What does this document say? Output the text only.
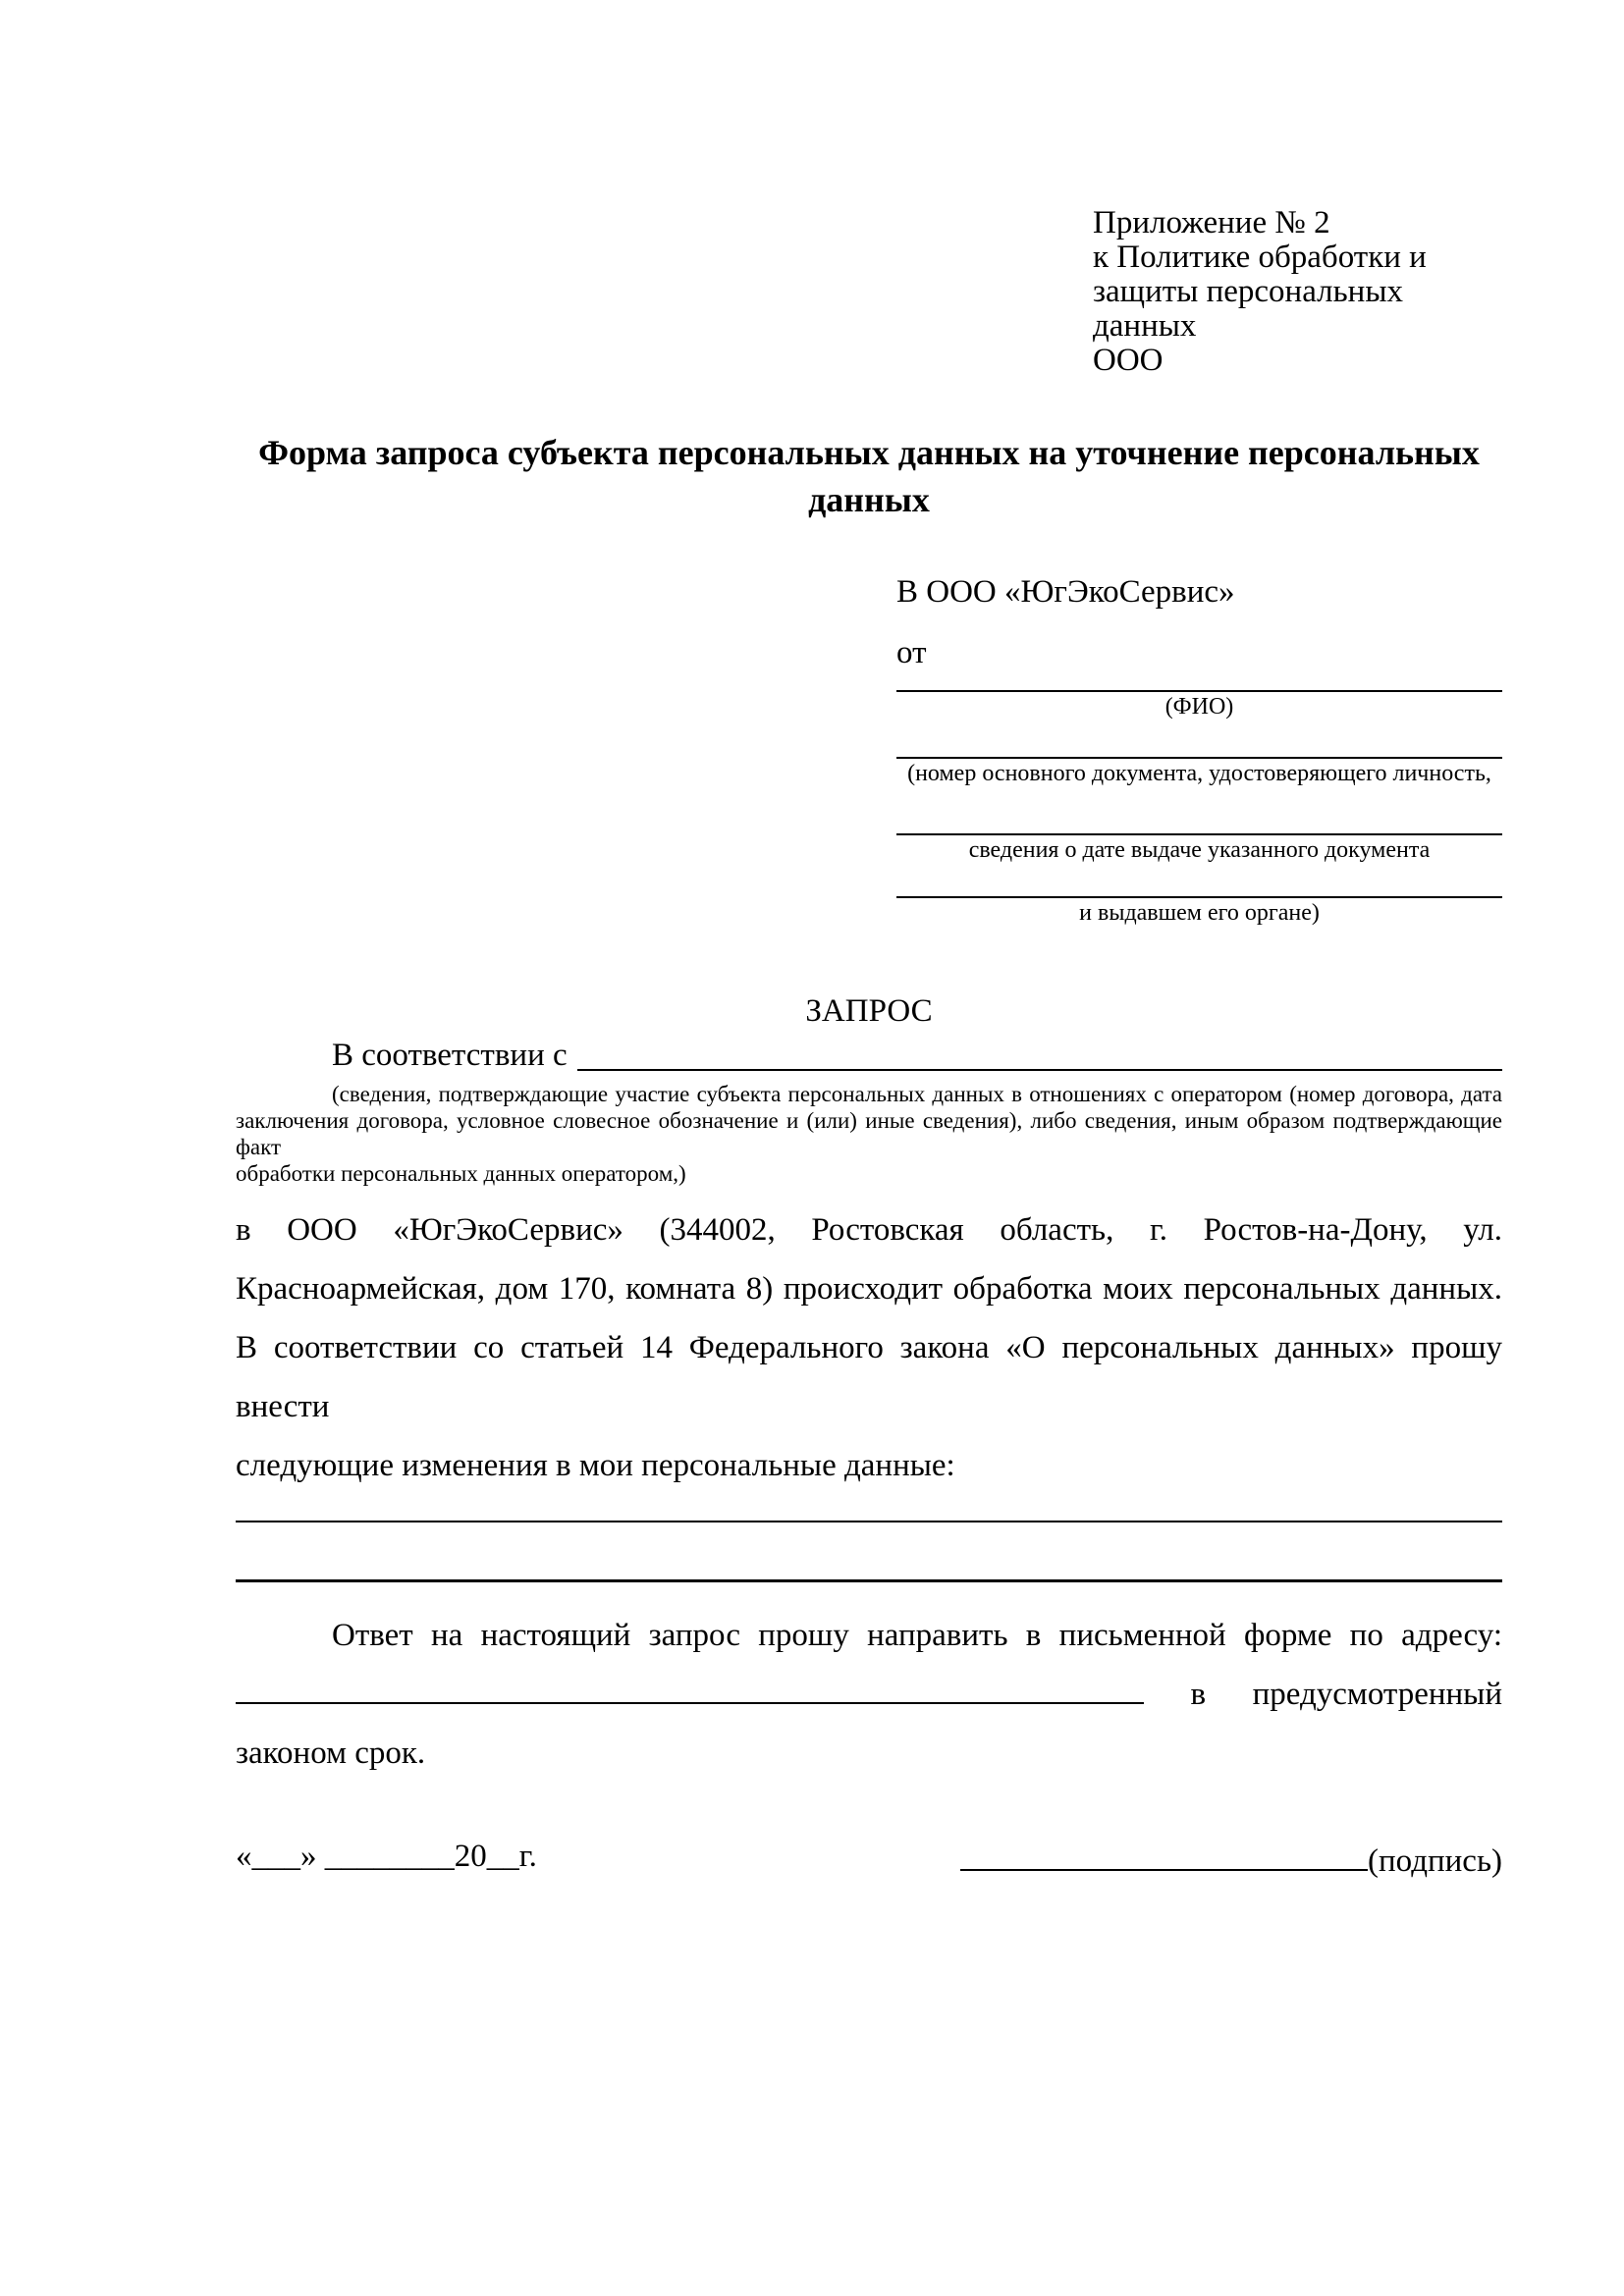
Приложение № 2
к Политике обработки и
защиты персональных данных
ООО
Форма запроса субъекта персональных данных на уточнение персональных данных
В ООО «ЮгЭкоСервис»
от
(ФИО)
(номер основного документа, удостоверяющего личность,
сведения о дате выдаче указанного документа
и выдавшем его органе)
ЗАПРОС
В соответствии с
(сведения, подтверждающие участие субъекта персональных данных в отношениях с оператором (номер договора, дата
заключения договора, условное словесное обозначение и (или) иные сведения), либо сведения, иным образом подтверждающие факт
обработки персональных данных оператором,)
в ООО «ЮгЭкоСервис» (344002, Ростовская область, г. Ростов-на-Дону, ул.
Красноармейская, дом 170, комната 8) происходит обработка моих персональных данных.
В соответствии со статьей 14 Федерального закона «О персональных данных» прошу внести
следующие изменения в мои персональные данные:
Ответ на настоящий запрос прошу направить в письменной форме по адресу:
в предусмотренный
законом срок.
«___» ________20__г.	(подпись)
